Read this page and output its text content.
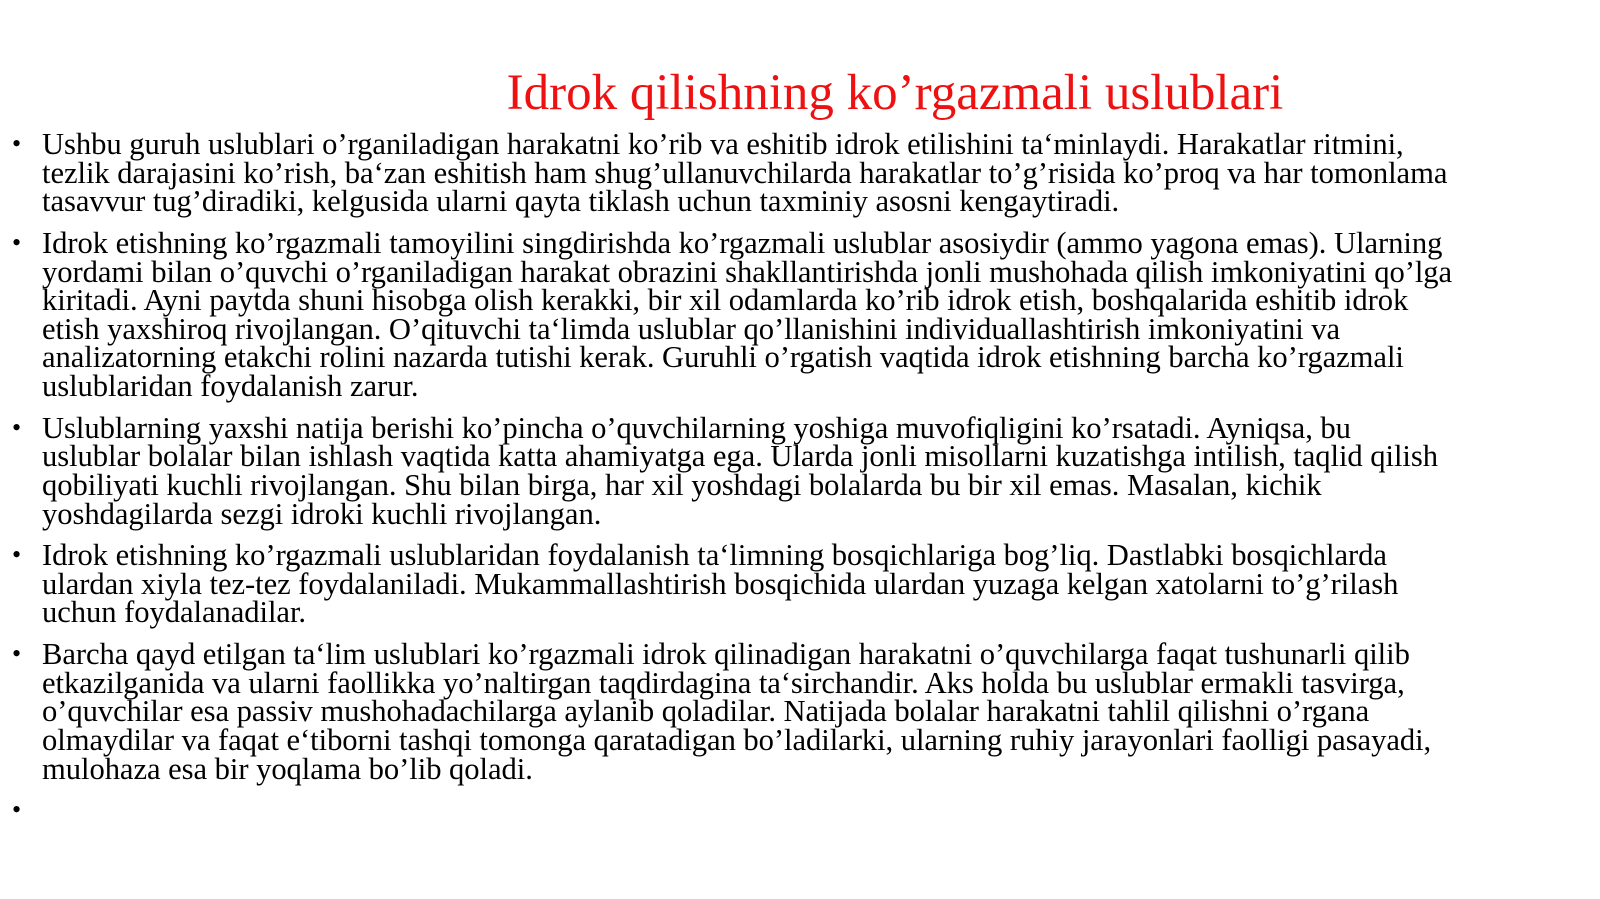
Idrok qilishning ko’rgazmali uslublari
• Ushbu guruh uslublari o’rganiladigan harakatni ko’rib va eshitib idrok etilishini ta‘minlaydi. Harakatlar ritmini,
tezlik darajasini ko’rish, ba‘zan eshitish ham shug’ullanuvchilarda harakatlar to’g’risida ko’proq va har tomonlama
tasavvur tug’diradiki, kelgusida ularni qayta tiklash uchun taxminiy asosni kengaytiradi.
• Idrok etishning ko’rgazmali tamoyilini singdirishda ko’rgazmali uslublar asosiydir (ammo yagona emas). Ularning
yordami bilan o’quvchi o’rganiladigan harakat obrazini shakllantirishda jonli mushohada qilish imkoniyatini qo’lga
kiritadi. Ayni paytda shuni hisobga olish kerakki, bir xil odamlarda ko’rib idrok etish, boshqalarida eshitib idrok
etish yaxshiroq rivojlangan. O’qituvchi ta‘limda uslublar qo’llanishini individuallashtirish imkoniyatini va
analizatorning etakchi rolini nazarda tutishi kerak. Guruhli o’rgatish vaqtida idrok etishning barcha ko’rgazmali
uslublaridan foydalanish zarur.
• Uslublarning yaxshi natija berishi ko’pincha o’quvchilarning yoshiga muvofiqligini ko’rsatadi. Ayniqsa, bu
uslublar bolalar bilan ishlash vaqtida katta ahamiyatga ega. Ularda jonli misollarni kuzatishga intilish, taqlid qilish
qobiliyati kuchli rivojlangan. Shu bilan birga, har xil yoshdagi bolalarda bu bir xil emas. Masalan, kichik
yoshdagilarda sezgi idroki kuchli rivojlangan.
• Idrok etishning ko’rgazmali uslublaridan foydalanish ta‘limning bosqichlariga bog’liq. Dastlabki bosqichlarda
ulardan xiyla tez-tez foydalaniladi. Mukammallashtirish bosqichida ulardan yuzaga kelgan xatolarni to’g’rilash
uchun foydalanadilar.
• Barcha qayd etilgan ta‘lim uslublari ko’rgazmali idrok qilinadigan harakatni o’quvchilarga faqat tushunarli qilib
etkazilganida va ularni faollikka yo’naltirgan taqdirdagina ta‘sirchandir. Aks holda bu uslublar ermakli tasvirga,
o’quvchilar esa passiv mushohadachilarga aylanib qoladilar. Natijada bolalar harakatni tahlil qilishni o’rgana
olmaydilar va faqat e‘tiborni tashqi tomonga qaratadigan bo’ladilarki, ularning ruhiy jarayonlari faolligi pasayadi,
mulohaza esa bir yoqlama bo’lib qoladi.
•
